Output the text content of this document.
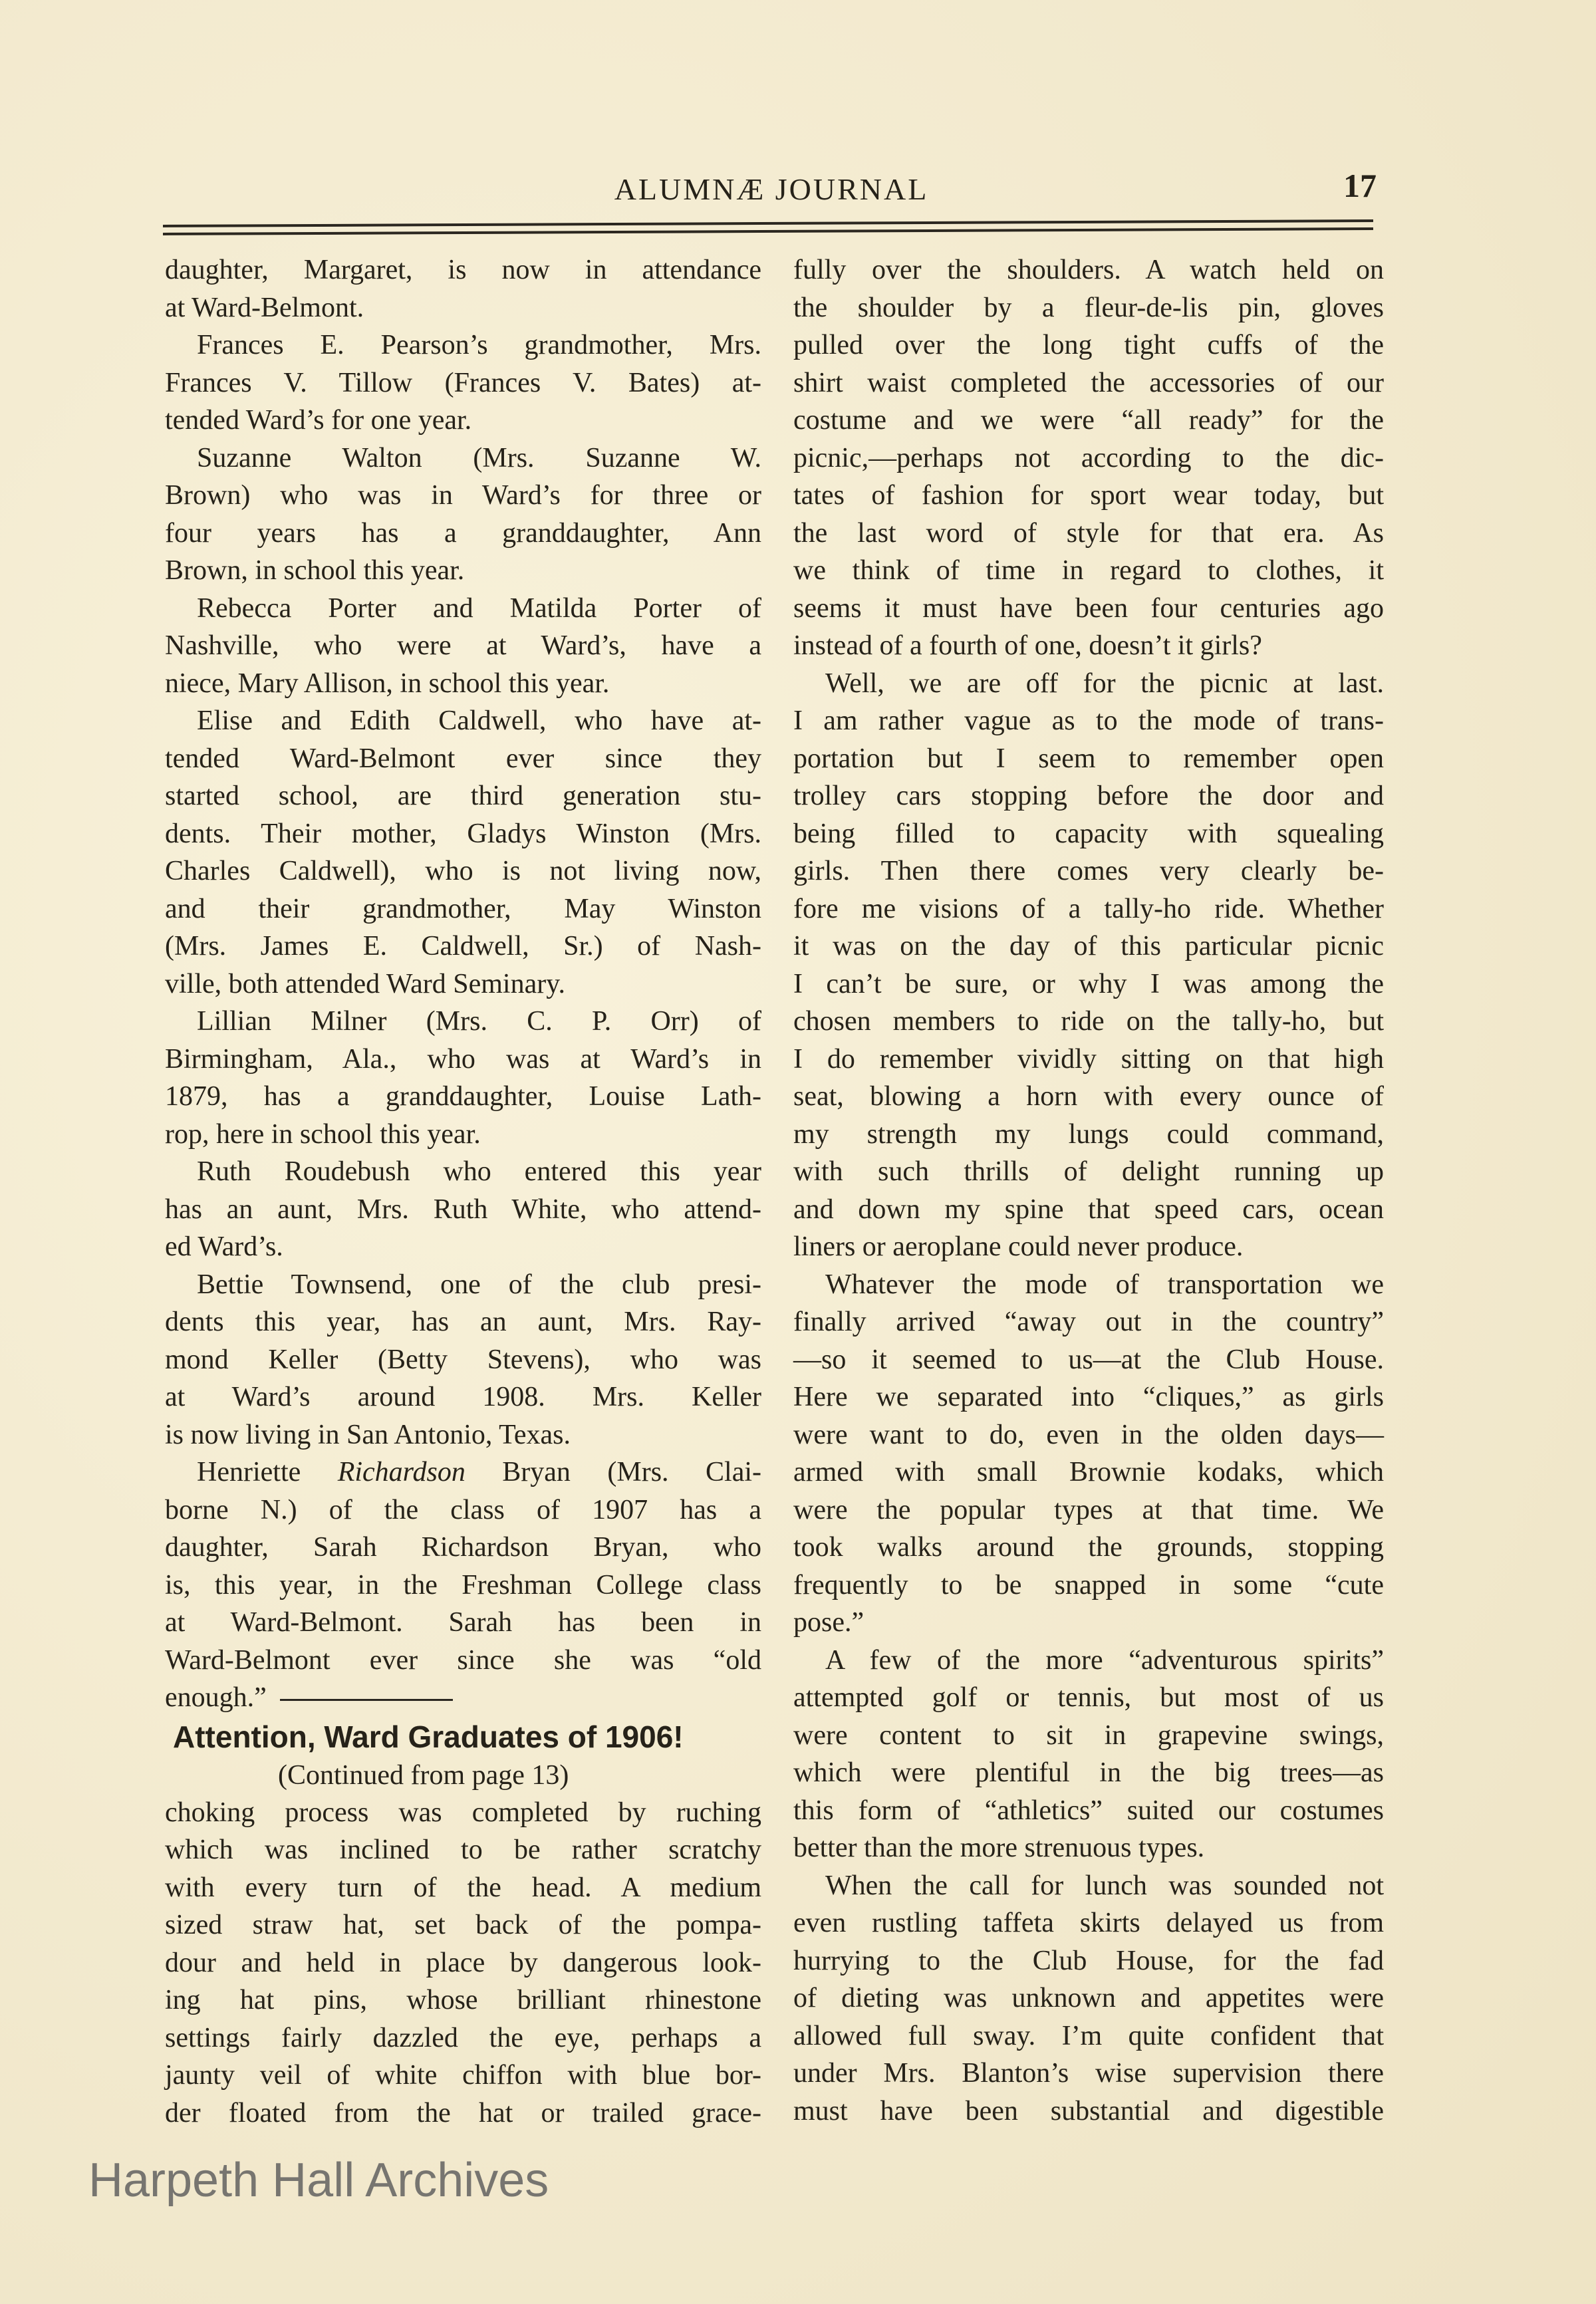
ALUMNÆ JOURNAL	17
daughter, Margaret, is now in attendance
at Ward-Belmont.
Frances E. Pearson’s grandmother, Mrs.
Frances V. Tillow (Frances V. Bates) at-
tended Ward’s for one year.
Suzanne Walton (Mrs. Suzanne W.
Brown) who was in Ward’s for three or
four years has a granddaughter, Ann
Brown, in school this year.
Rebecca Porter and Matilda Porter of
Nashville, who were at Ward’s, have a
niece, Mary Allison, in school this year.
Elise and Edith Caldwell, who have at-
tended Ward-Belmont ever since they
started school, are third generation stu-
dents. Their mother, Gladys Winston (Mrs.
Charles Caldwell), who is not living now,
and their grandmother, May Winston
(Mrs. James E. Caldwell, Sr.) of Nash-
ville, both attended Ward Seminary.
Lillian Milner (Mrs. C. P. Orr) of
Birmingham, Ala., who was at Ward’s in
1879, has a granddaughter, Louise Lath-
rop, here in school this year.
Ruth Roudebush who entered this year
has an aunt, Mrs. Ruth White, who attend-
ed Ward’s.
Bettie Townsend, one of the club presi-
dents this year, has an aunt, Mrs. Ray-
mond Keller (Betty Stevens), who was
at Ward’s around 1908. Mrs. Keller
is now living in San Antonio, Texas.
Henriette Richardson Bryan (Mrs. Clai-
borne N.) of the class of 1907 has a
daughter, Sarah Richardson Bryan, who
is, this year, in the Freshman College class
at Ward-Belmont. Sarah has been in
Ward-Belmont ever since she was “old
enough.”
Attention, Ward Graduates of 1906!
(Continued from page 13)
choking process was completed by ruching
which was inclined to be rather scratchy
with every turn of the head. A medium
sized straw hat, set back of the pompa-
dour and held in place by dangerous look-
ing hat pins, whose brilliant rhinestone
settings fairly dazzled the eye, perhaps a
jaunty veil of white chiffon with blue bor-
der floated from the hat or trailed grace-
fully over the shoulders. A watch held on
the shoulder by a fleur-de-lis pin, gloves
pulled over the long tight cuffs of the
shirt waist completed the accessories of our
costume and we were “all ready” for the
picnic,—perhaps not according to the dic-
tates of fashion for sport wear today, but
the last word of style for that era. As
we think of time in regard to clothes, it
seems it must have been four centuries ago
instead of a fourth of one, doesn’t it girls?
Well, we are off for the picnic at last.
I am rather vague as to the mode of trans-
portation but I seem to remember open
trolley cars stopping before the door and
being filled to capacity with squealing
girls. Then there comes very clearly be-
fore me visions of a tally-ho ride. Whether
it was on the day of this particular picnic
I can’t be sure, or why I was among the
chosen members to ride on the tally-ho, but
I do remember vividly sitting on that high
seat, blowing a horn with every ounce of
my strength my lungs could command,
with such thrills of delight running up
and down my spine that speed cars, ocean
liners or aeroplane could never produce.
Whatever the mode of transportation we
finally arrived “away out in the country”
—so it seemed to us—at the Club House.
Here we separated into “cliques,” as girls
were want to do, even in the olden days—
armed with small Brownie kodaks, which
were the popular types at that time. We
took walks around the grounds, stopping
frequently to be snapped in some “cute
pose.”
A few of the more “adventurous spirits”
attempted golf or tennis, but most of us
were content to sit in grapevine swings,
which were plentiful in the big trees—as
this form of “athletics” suited our costumes
better than the more strenuous types.
When the call for lunch was sounded not
even rustling taffeta skirts delayed us from
hurrying to the Club House, for the fad
of dieting was unknown and appetites were
allowed full sway. I’m quite confident that
under Mrs. Blanton’s wise supervision there
must have been substantial and digestible
Harpeth Hall Archives
